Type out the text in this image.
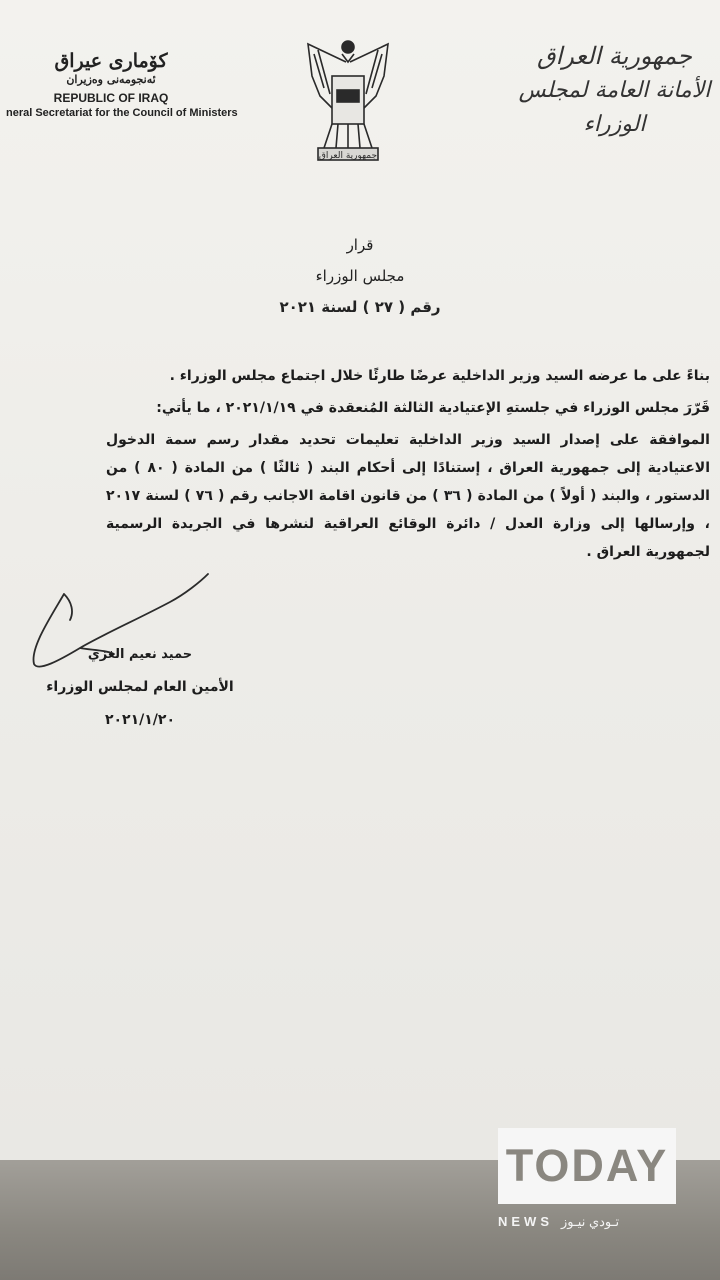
كۆماری عیراق
ئه‌نجومه‌نی وه‌زیران
REPUBLIC OF IRAQ
neral Secretariat for the Council of Ministers
جمهورية العراق
جمهورية العراق
الأمانة العامة لمجلس الوزراء
قرار
مجلس الوزراء
رقم ( ٢٧ ) لسنة ٢٠٢١

بناءً على ما عرضه السيد وزير الداخلية عرضًا طارئًا خلال اجتماع مجلس الوزراء .

قَرّرَ مجلس الوزراء في جلستهِ الإعتيادية الثالثة المُنعقدة في ٢٠٢١/١/١٩ ، ما يأتي:

الموافقة على إصدار السيد وزير الداخلية تعليمات تحديد مقدار رسم سمة الدخول الاعتيادية إلى جمهورية العراق ، إستنادًا إلى أحكام البند ( ثالثًا ) من المادة ( ٨٠ ) من الدستور ، والبند ( أولاً ) من المادة ( ٣٦ ) من قانون اقامة الاجانب رقم ( ٧٦ ) لسنة ٢٠١٧ ، وإرسالها إلى وزارة العدل / دائرة الوقائع العراقية لنشرها في الجريدة الرسمية لجمهورية العراق .

حميد نعيم الغزي
الأمين العام لمجلس الوزراء
٢٠٢١/١/٢٠
TODAY
NEWS تـودي نيـوز
